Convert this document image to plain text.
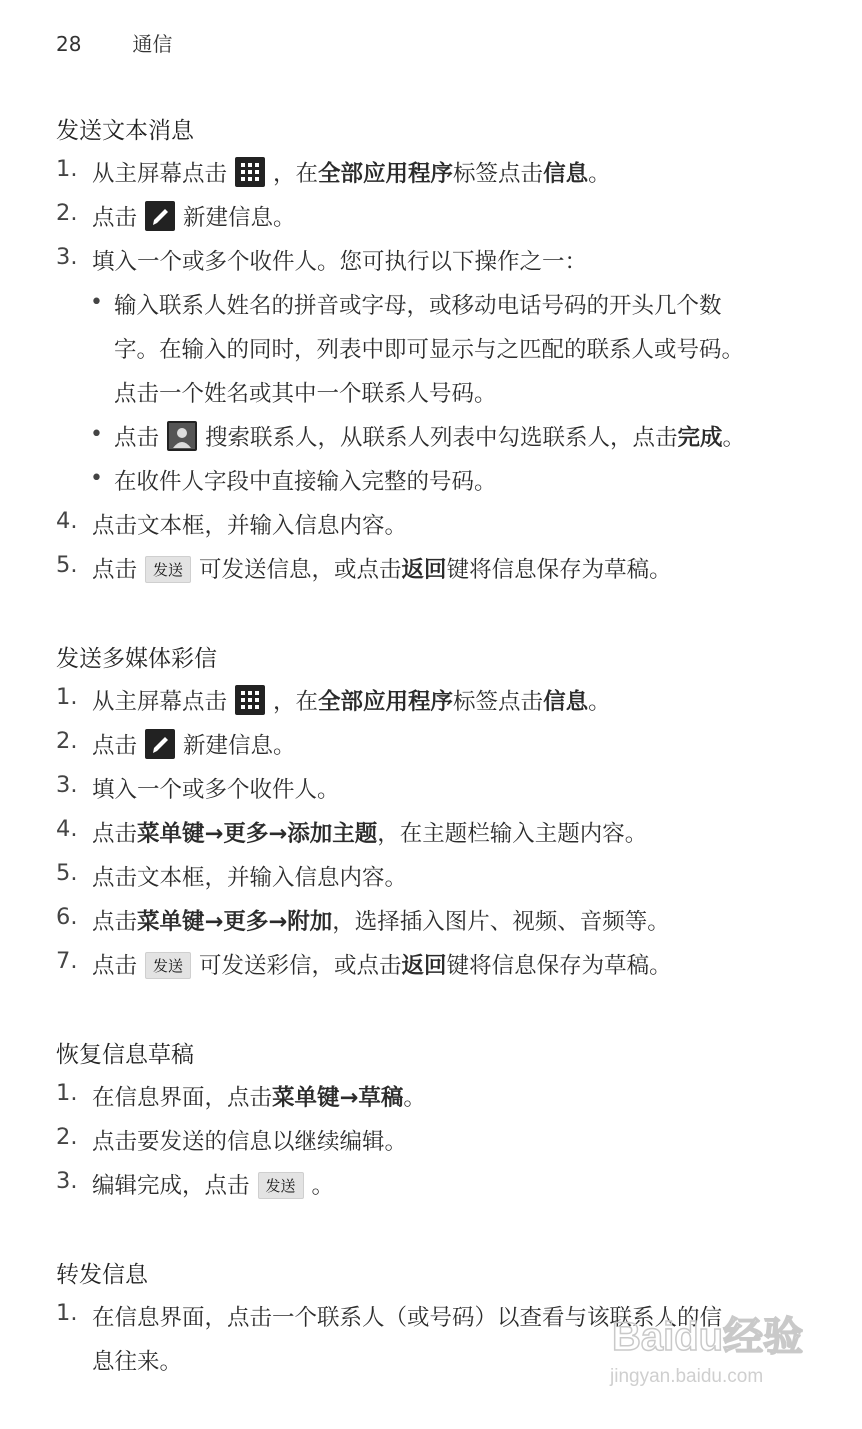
28	通信
发送文本消息
1. 从主屏幕点击 ，在全部应用程序标签点击信息。
2. 点击 新建信息。
3. 填入一个或多个收件人。您可执行以下操作之一：
• 输入联系人姓名的拼音或字母，或移动电话号码的开头几个数
字。在输入的同时，列表中即可显示与之匹配的联系人或号码。
点击一个姓名或其中一个联系人号码。
• 点击 搜索联系人，从联系人列表中勾选联系人，点击完成。
• 在收件人字段中直接输入完整的号码。
4. 点击文本框，并输入信息内容。
5. 点击 发送 可发送信息，或点击返回键将信息保存为草稿。
发送多媒体彩信
1. 从主屏幕点击 ，在全部应用程序标签点击信息。
2. 点击 新建信息。
3. 填入一个或多个收件人。
4. 点击菜单键→更多→添加主题，在主题栏输入主题内容。
5. 点击文本框，并输入信息内容。
6. 点击菜单键→更多→附加，选择插入图片、视频、音频等。
7. 点击 发送 可发送彩信，或点击返回键将信息保存为草稿。
恢复信息草稿
1. 在信息界面，点击菜单键→草稿。
2. 点击要发送的信息以继续编辑。
3. 编辑完成，点击 发送 。
转发信息
1. 在信息界面，点击一个联系人（或号码）以查看与该联系人的信
息往来。
Baidu经验
jingyan.baidu.com
